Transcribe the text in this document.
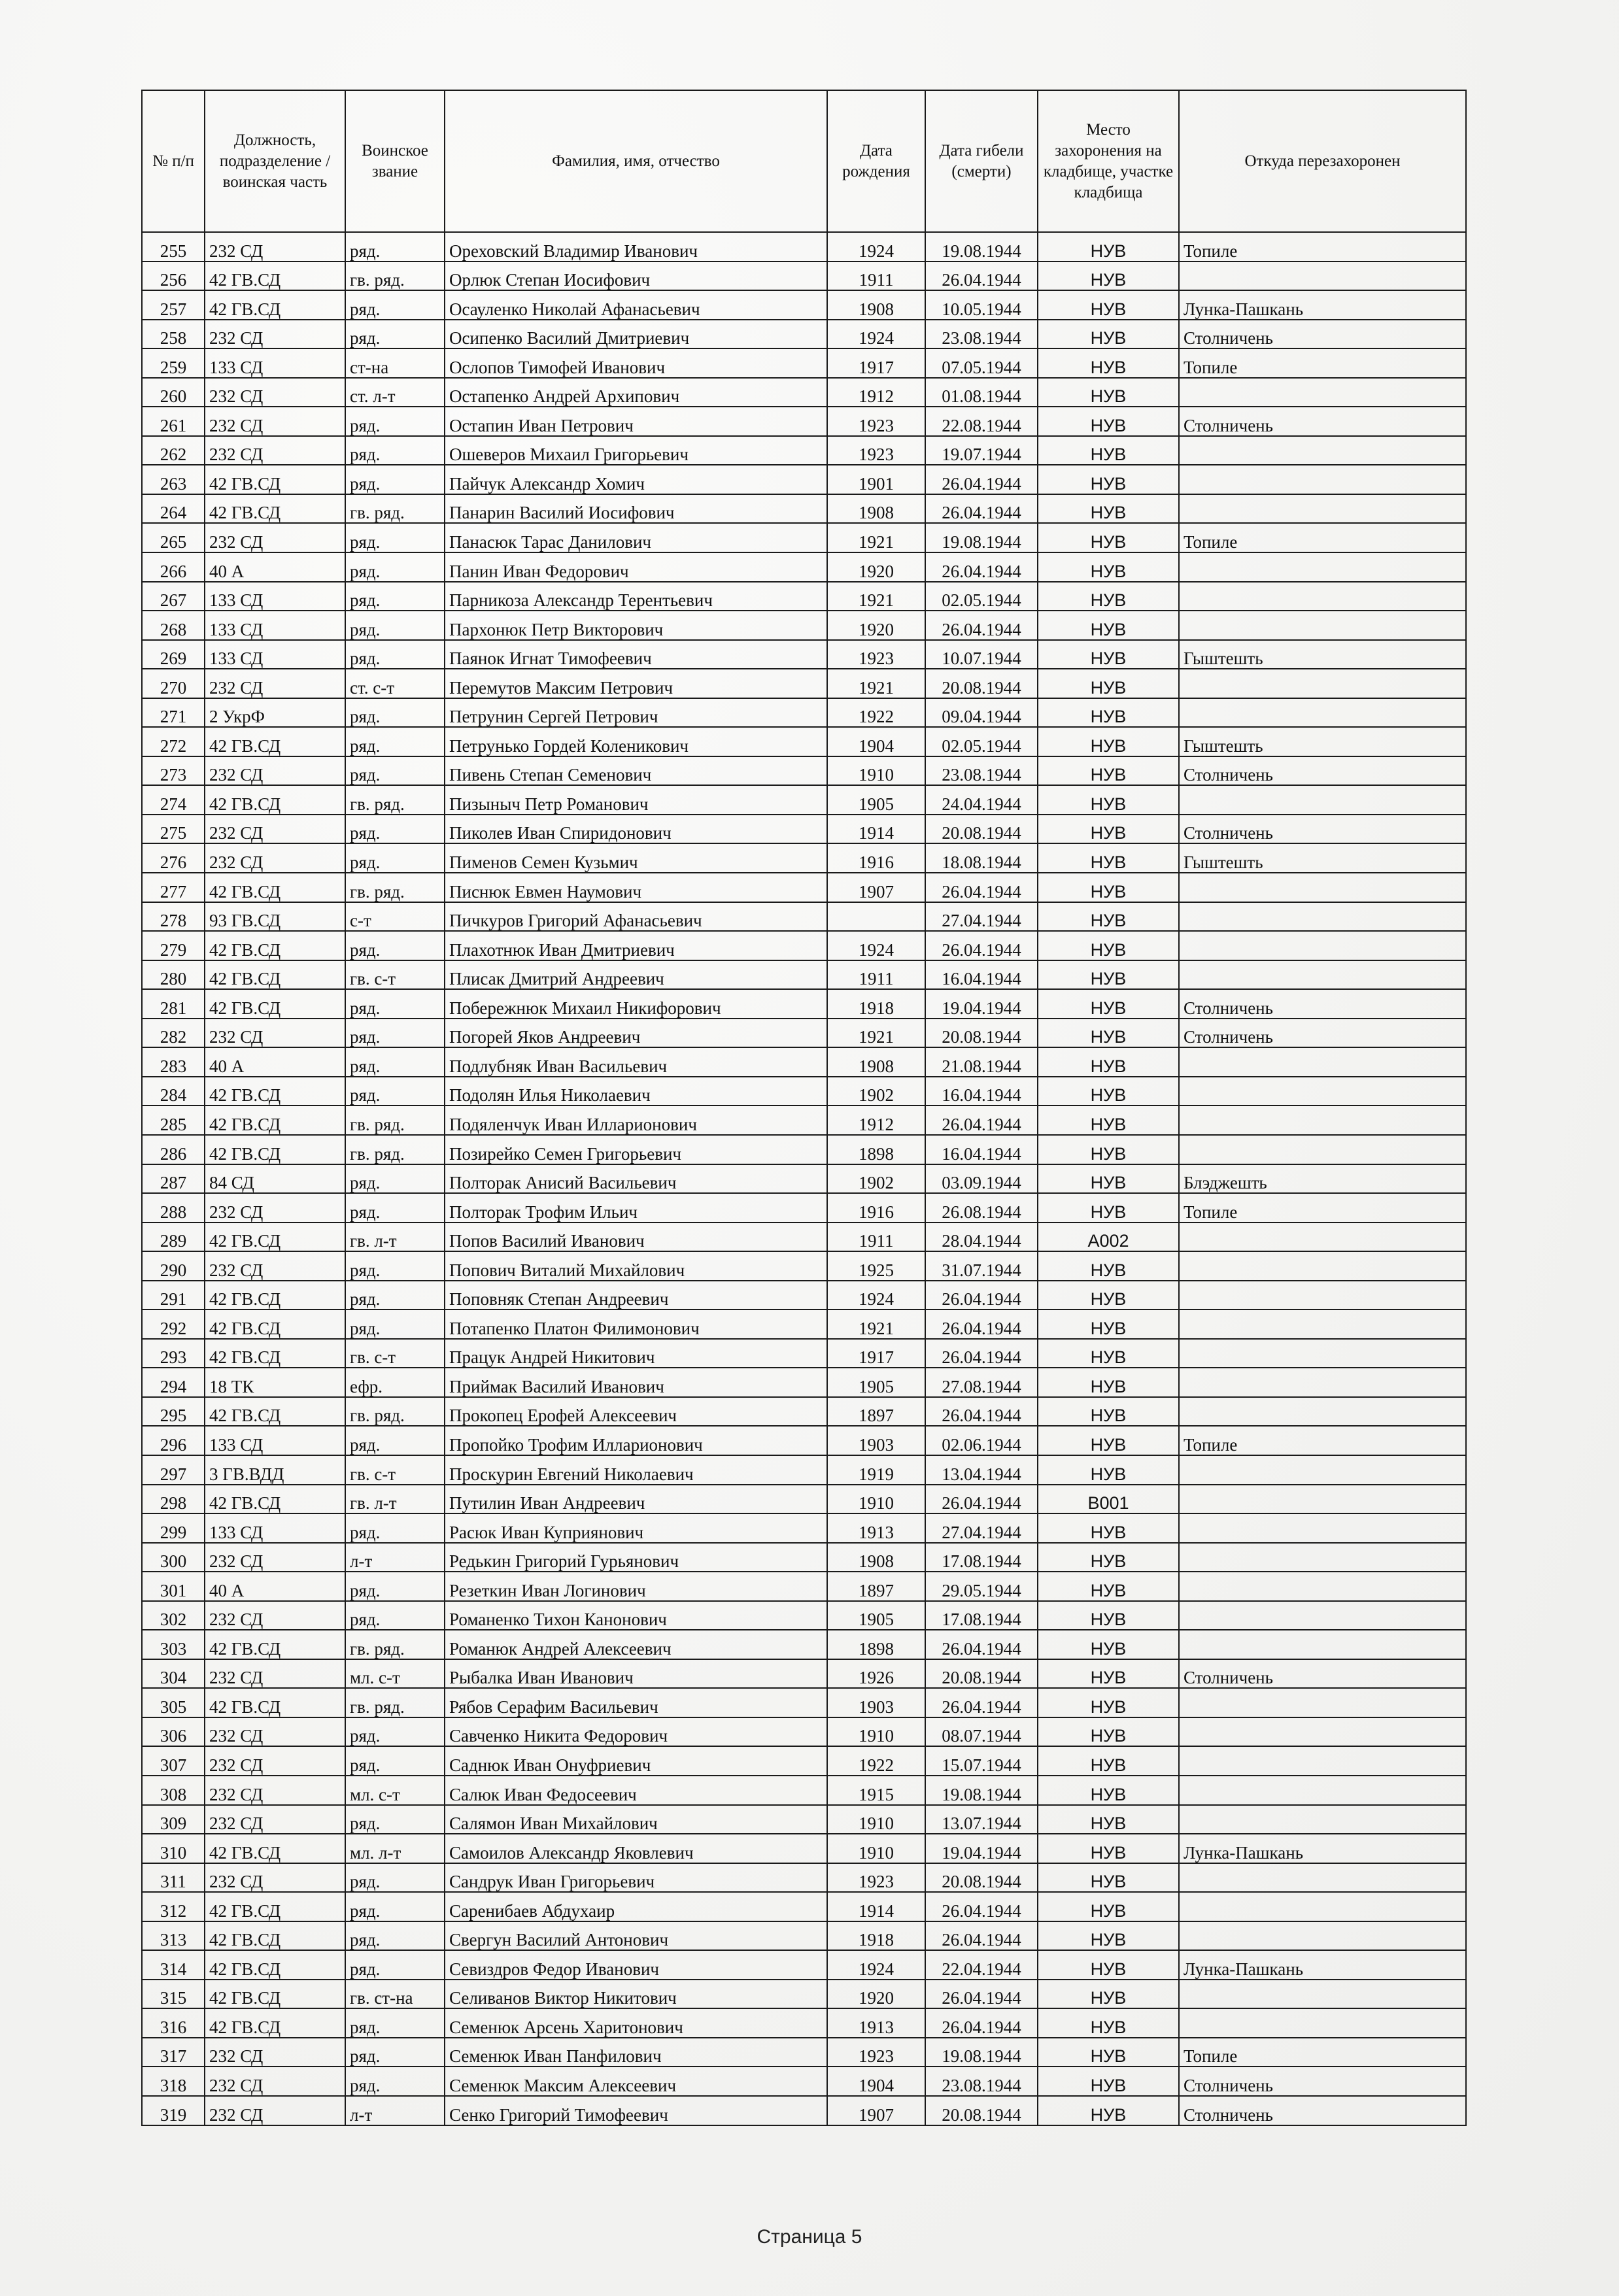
№ п/п	Должность, подразделение / воинская часть	Воинское звание	Фамилия, имя, отчество	Дата рождения	Дата гибели (смерти)	Место захоронения на кладбище, участке кладбища	Откуда перезахоронен
255	232 СД	ряд.	Ореховский Владимир Иванович	1924	19.08.1944	НУВ	Топиле
256	42 ГВ.СД	гв. ряд.	Орлюк Степан Иосифович	1911	26.04.1944	НУВ	
257	42 ГВ.СД	ряд.	Осауленко Николай Афанасьевич	1908	10.05.1944	НУВ	Лунка-Пашкань
258	232 СД	ряд.	Осипенко Василий Дмитриевич	1924	23.08.1944	НУВ	Столничень
259	133 СД	ст-на	Ослопов Тимофей Иванович	1917	07.05.1944	НУВ	Топиле
260	232 СД	ст. л-т	Остапенко Андрей Архипович	1912	01.08.1944	НУВ	
261	232 СД	ряд.	Остапин Иван Петрович	1923	22.08.1944	НУВ	Столничень
262	232 СД	ряд.	Ошеверов Михаил Григорьевич	1923	19.07.1944	НУВ	
263	42 ГВ.СД	ряд.	Пайчук Александр Хомич	1901	26.04.1944	НУВ	
264	42 ГВ.СД	гв. ряд.	Панарин Василий Иосифович	1908	26.04.1944	НУВ	
265	232 СД	ряд.	Панасюк Тарас Данилович	1921	19.08.1944	НУВ	Топиле
266	40 А	ряд.	Панин Иван Федорович	1920	26.04.1944	НУВ	
267	133 СД	ряд.	Парникоза Александр Терентьевич	1921	02.05.1944	НУВ	
268	133 СД	ряд.	Пархонюк Петр Викторович	1920	26.04.1944	НУВ	
269	133 СД	ряд.	Паянок Игнат Тимофеевич	1923	10.07.1944	НУВ	Гыштешть
270	232 СД	ст. с-т	Перемутов Максим Петрович	1921	20.08.1944	НУВ	
271	2 УкрФ	ряд.	Петрунин Сергей Петрович	1922	09.04.1944	НУВ	
272	42 ГВ.СД	ряд.	Петрунько Гордей Коленикович	1904	02.05.1944	НУВ	Гыштешть
273	232 СД	ряд.	Пивень Степан Семенович	1910	23.08.1944	НУВ	Столничень
274	42 ГВ.СД	гв. ряд.	Пизыныч Петр Романович	1905	24.04.1944	НУВ	
275	232 СД	ряд.	Пиколев Иван Спиридонович	1914	20.08.1944	НУВ	Столничень
276	232 СД	ряд.	Пименов Семен Кузьмич	1916	18.08.1944	НУВ	Гыштешть
277	42 ГВ.СД	гв. ряд.	Писнюк Евмен Наумович	1907	26.04.1944	НУВ	
278	93 ГВ.СД	с-т	Пичкуров Григорий Афанасьевич		27.04.1944	НУВ	
279	42 ГВ.СД	ряд.	Плахотнюк Иван Дмитриевич	1924	26.04.1944	НУВ	
280	42 ГВ.СД	гв. с-т	Плисак Дмитрий Андреевич	1911	16.04.1944	НУВ	
281	42 ГВ.СД	ряд.	Побережнюк Михаил Никифорович	1918	19.04.1944	НУВ	Столничень
282	232 СД	ряд.	Погорей Яков Андреевич	1921	20.08.1944	НУВ	Столничень
283	40 А	ряд.	Подлубняк Иван Васильевич	1908	21.08.1944	НУВ	
284	42 ГВ.СД	ряд.	Подолян Илья Николаевич	1902	16.04.1944	НУВ	
285	42 ГВ.СД	гв. ряд.	Подяленчук Иван Илларионович	1912	26.04.1944	НУВ	
286	42 ГВ.СД	гв. ряд.	Позирейко Семен Григорьевич	1898	16.04.1944	НУВ	
287	84 СД	ряд.	Полторак Анисий Васильевич	1902	03.09.1944	НУВ	Блэджешть
288	232 СД	ряд.	Полторак Трофим Ильич	1916	26.08.1944	НУВ	Топиле
289	42 ГВ.СД	гв. л-т	Попов Василий Иванович	1911	28.04.1944	А002	
290	232 СД	ряд.	Попович Виталий Михайлович	1925	31.07.1944	НУВ	
291	42 ГВ.СД	ряд.	Поповняк Степан Андреевич	1924	26.04.1944	НУВ	
292	42 ГВ.СД	ряд.	Потапенко Платон Филимонович	1921	26.04.1944	НУВ	
293	42 ГВ.СД	гв. с-т	Працук Андрей Никитович	1917	26.04.1944	НУВ	
294	18 ТК	ефр.	Приймак Василий Иванович	1905	27.08.1944	НУВ	
295	42 ГВ.СД	гв. ряд.	Прокопец Ерофей Алексеевич	1897	26.04.1944	НУВ	
296	133 СД	ряд.	Пропойко Трофим Илларионович	1903	02.06.1944	НУВ	Топиле
297	3 ГВ.ВДД	гв. с-т	Проскурин Евгений Николаевич	1919	13.04.1944	НУВ	
298	42 ГВ.СД	гв. л-т	Путилин Иван Андреевич	1910	26.04.1944	В001	
299	133 СД	ряд.	Расюк Иван Куприянович	1913	27.04.1944	НУВ	
300	232 СД	л-т	Редькин Григорий Гурьянович	1908	17.08.1944	НУВ	
301	40 А	ряд.	Резеткин Иван Логинович	1897	29.05.1944	НУВ	
302	232 СД	ряд.	Романенко Тихон Канонович	1905	17.08.1944	НУВ	
303	42 ГВ.СД	гв. ряд.	Романюк Андрей Алексеевич	1898	26.04.1944	НУВ	
304	232 СД	мл. с-т	Рыбалка Иван Иванович	1926	20.08.1944	НУВ	Столничень
305	42 ГВ.СД	гв. ряд.	Рябов Серафим Васильевич	1903	26.04.1944	НУВ	
306	232 СД	ряд.	Савченко Никита Федорович	1910	08.07.1944	НУВ	
307	232 СД	ряд.	Саднюк Иван Онуфриевич	1922	15.07.1944	НУВ	
308	232 СД	мл. с-т	Салюк Иван Федосеевич	1915	19.08.1944	НУВ	
309	232 СД	ряд.	Салямон Иван Михайлович	1910	13.07.1944	НУВ	
310	42 ГВ.СД	мл. л-т	Самоилов Александр Яковлевич	1910	19.04.1944	НУВ	Лунка-Пашкань
311	232 СД	ряд.	Сандрук Иван Григорьевич	1923	20.08.1944	НУВ	
312	42 ГВ.СД	ряд.	Саренибаев Абдухаир	1914	26.04.1944	НУВ	
313	42 ГВ.СД	ряд.	Свергун Василий Антонович	1918	26.04.1944	НУВ	
314	42 ГВ.СД	ряд.	Севиздров Федор Иванович	1924	22.04.1944	НУВ	Лунка-Пашкань
315	42 ГВ.СД	гв. ст-на	Селиванов Виктор Никитович	1920	26.04.1944	НУВ	
316	42 ГВ.СД	ряд.	Семенюк Арсень Харитонович	1913	26.04.1944	НУВ	
317	232 СД	ряд.	Семенюк Иван Панфилович	1923	19.08.1944	НУВ	Топиле
318	232 СД	ряд.	Семенюк Максим Алексеевич	1904	23.08.1944	НУВ	Столничень
319	232 СД	л-т	Сенко Григорий Тимофеевич	1907	20.08.1944	НУВ	Столничень
Страница 5
